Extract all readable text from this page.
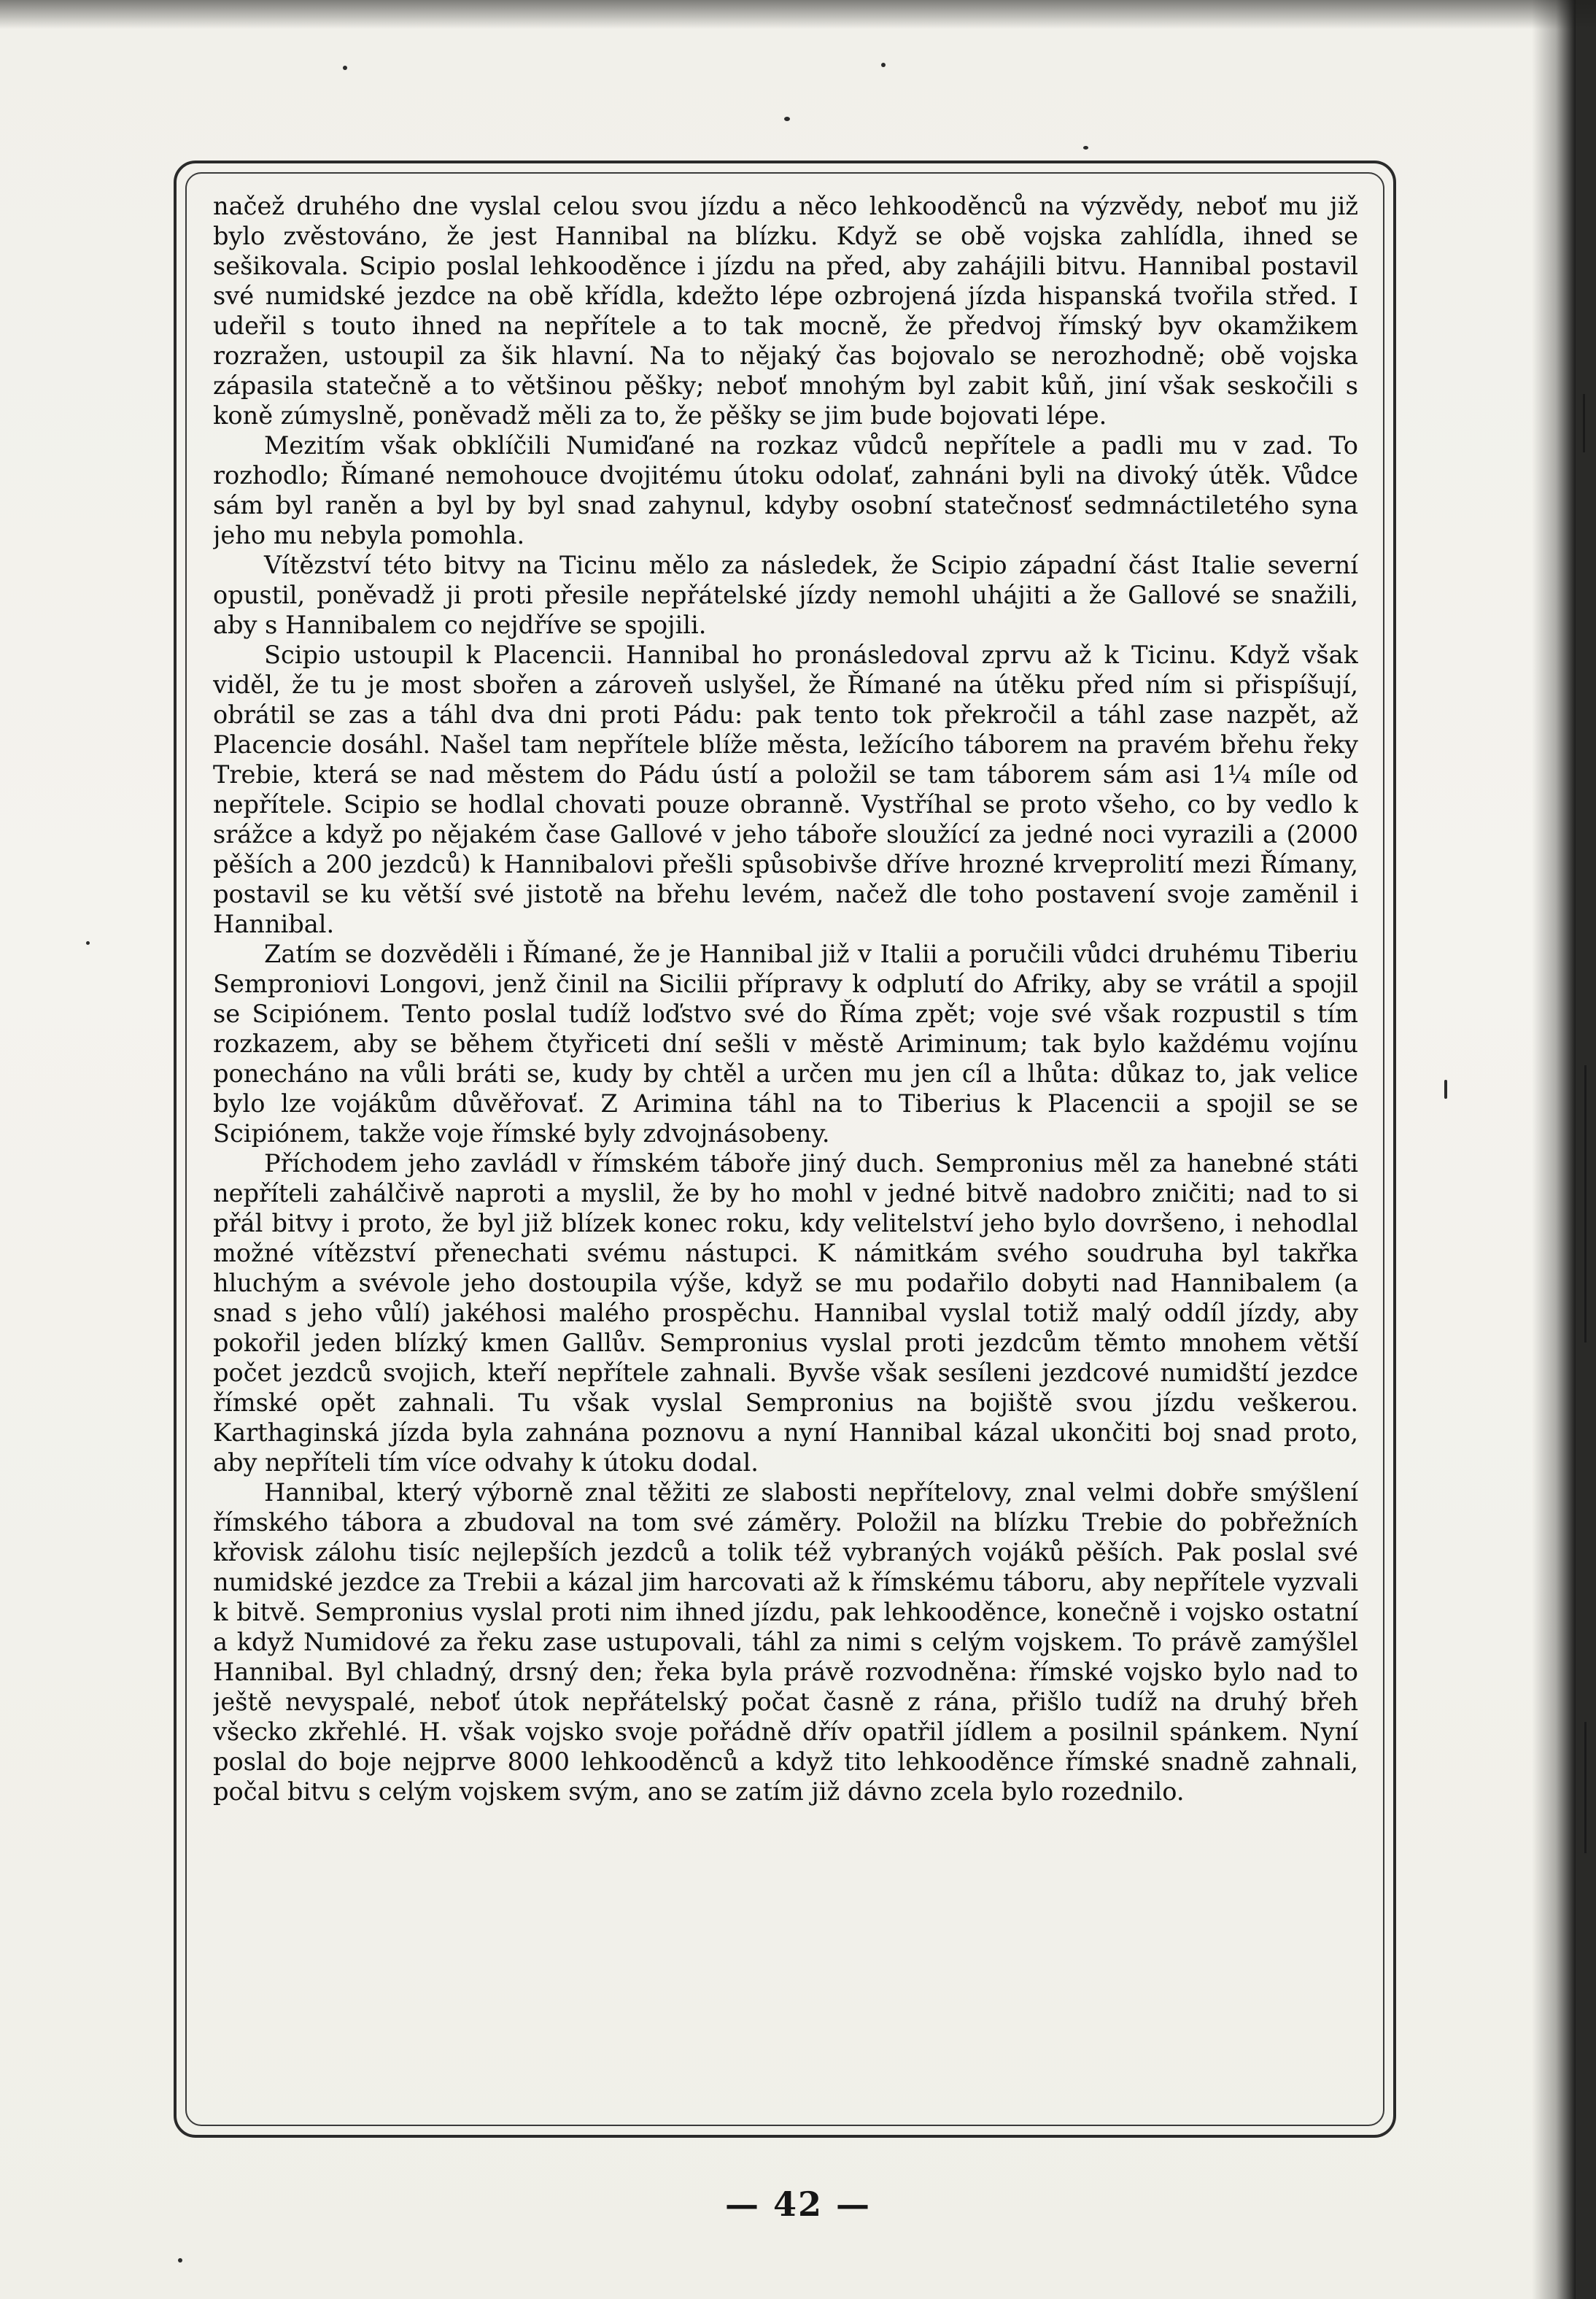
načež druhého dne vyslal celou svou jízdu a něco lehkooděnců na výzvědy, neboť mu již bylo zvěstováno, že jest Hannibal na blízku. Když se obě vojska zahlídla, ihned se sešikovala. Scipio poslal lehkooděnce i jízdu na před, aby zahájili bitvu. Hannibal postavil své numidské jezdce na obě křídla, kdežto lépe ozbrojená jízda hispanská tvořila střed. I udeřil s touto ihned na nepřítele a to tak mocně, že předvoj římský byv okamžikem rozražen, ustoupil za šik hlavní. Na to nějaký čas bojovalo se nerozhodně; obě vojska zápasila statečně a to většinou pěšky; neboť mnohým byl zabit kůň, jiní však seskočili s koně zúmyslně, poněvadž měli za to, že pěšky se jim bude bojovati lépe.

Mezitím však obklíčili Numiďané na rozkaz vůdců nepřítele a padli mu v zad. To rozhodlo; Římané nemohouce dvojitému útoku odolať, zahnáni byli na divoký útěk. Vůdce sám byl raněn a byl by byl snad zahynul, kdyby osobní statečnosť sedmnáctiletého syna jeho mu nebyla pomohla.

Vítězství této bitvy na Ticinu mělo za následek, že Scipio západní část Italie severní opustil, poněvadž ji proti přesile nepřátelské jízdy nemohl uhájiti a že Gallové se snažili, aby s Hannibalem co nejdříve se spojili.

Scipio ustoupil k Placencii. Hannibal ho pronásledoval zprvu až k Ticinu. Když však viděl, že tu je most sbořen a zároveň uslyšel, že Římané na útěku před ním si přispíšují, obrátil se zas a táhl dva dni proti Pádu: pak tento tok překročil a táhl zase nazpět, až Placencie dosáhl. Našel tam nepřítele blíže města, ležícího táborem na pravém břehu řeky Trebie, která se nad městem do Pádu ústí a položil se tam táborem sám asi 1¼ míle od nepřítele. Scipio se hodlal chovati pouze obranně. Vystříhal se proto všeho, co by vedlo k srážce a když po nějakém čase Gallové v jeho táboře sloužící za jedné noci vyrazili a (2000 pěších a 200 jezdců) k Hannibalovi přešli spůsobivše dříve hrozné krveprolití mezi Římany, postavil se ku větší své jistotě na břehu levém, načež dle toho postavení svoje zaměnil i Hannibal.

Zatím se dozvěděli i Římané, že je Hannibal již v Italii a poručili vůdci druhému Tiberiu Semproniovi Longovi, jenž činil na Sicilii přípravy k odplutí do Afriky, aby se vrátil a spojil se Scipiónem. Tento poslal tudíž loďstvo své do Říma zpět; voje své však rozpustil s tím rozkazem, aby se během čtyřiceti dní sešli v městě Ariminum; tak bylo každému vojínu ponecháno na vůli bráti se, kudy by chtěl a určen mu jen cíl a lhůta: důkaz to, jak velice bylo lze vojákům důvěřovať. Z Arimina táhl na to Tiberius k Placencii a spojil se se Scipiónem, takže voje římské byly zdvojnásobeny.

Příchodem jeho zavládl v římském táboře jiný duch. Sempronius měl za hanebné státi nepříteli zahálčivě naproti a myslil, že by ho mohl v jedné bitvě nadobro zničiti; nad to si přál bitvy i proto, že byl již blízek konec roku, kdy velitelství jeho bylo dovršeno, i nehodlal možné vítězství přenechati svému nástupci. K námitkám svého soudruha byl takřka hluchým a svévole jeho dostoupila výše, když se mu podařilo dobyti nad Hannibalem (a snad s jeho vůlí) jakéhosi malého prospěchu. Hannibal vyslal totiž malý oddíl jízdy, aby pokořil jeden blízký kmen Gallův. Sempronius vyslal proti jezdcům těmto mnohem větší počet jezdců svojich, kteří nepřítele zahnali. Byvše však sesíleni jezdcové numidští jezdce římské opět zahnali. Tu však vyslal Sempronius na bojiště svou jízdu veškerou. Karthaginská jízda byla zahnána poznovu a nyní Hannibal kázal ukončiti boj snad proto, aby nepříteli tím více odvahy k útoku dodal.

Hannibal, který výborně znal těžiti ze slabosti nepřítelovy, znal velmi dobře smýšlení římského tábora a zbudoval na tom své záměry. Položil na blízku Trebie do pobřežních křovisk zálohu tisíc nejlepších jezdců a tolik též vybraných vojáků pěších. Pak poslal své numidské jezdce za Trebii a kázal jim harcovati až k římskému táboru, aby nepřítele vyzvali k bitvě. Sempronius vyslal proti nim ihned jízdu, pak lehkooděnce, konečně i vojsko ostatní a když Numidové za řeku zase ustupovali, táhl za nimi s celým vojskem. To právě zamýšlel Hannibal. Byl chladný, drsný den; řeka byla právě rozvodněna: římské vojsko bylo nad to ještě nevyspalé, neboť útok nepřátelský počat časně z rána, přišlo tudíž na druhý břeh všecko zkřehlé. H. však vojsko svoje pořádně dřív opatřil jídlem a posilnil spánkem. Nyní poslal do boje nejprve 8000 lehkooděnců a když tito lehkooděnce římské snadně zahnali, počal bitvu s celým vojskem svým, ano se zatím již dávno zcela bylo rozednilo.

— 42 —
